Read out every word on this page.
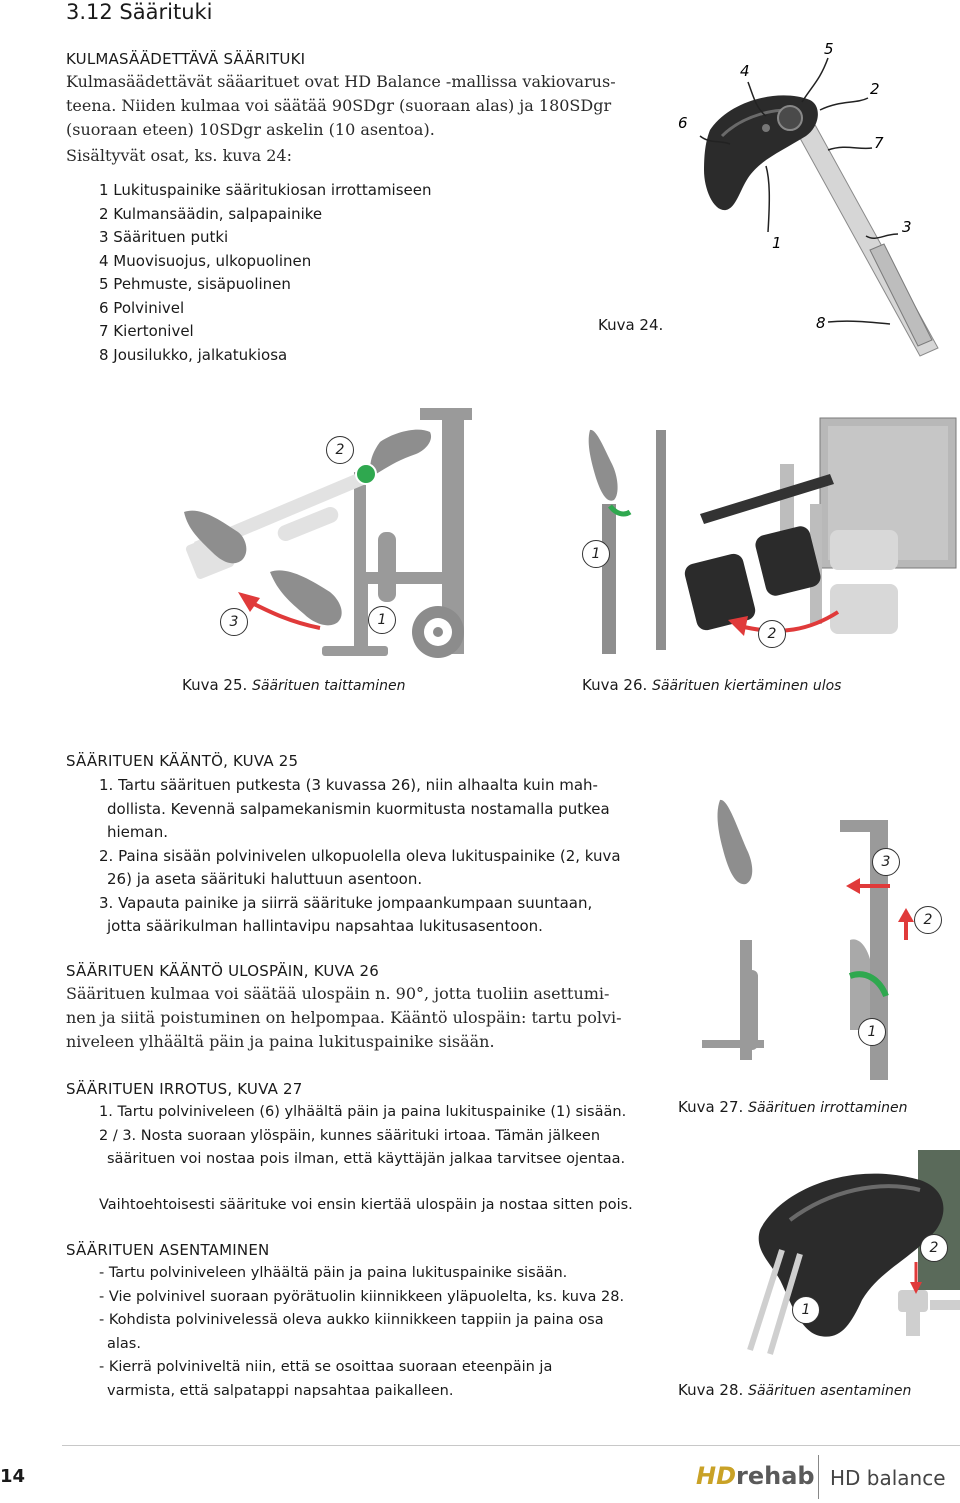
3.12 Säärituki
KULMASÄÄDETTÄVÄ SÄÄRITUKI
Kulmasäädettävät sääarituet ovat HD Balance -mallissa vakiovarus-
teena. Niiden kulmaa voi säätää 90SDgr (suoraan alas) ja 180SDgr
(suoraan eteen) 10SDgr askelin (10 asentoa).
Sisältyvät osat, ks. kuva 24:
1 Lukituspainike sääritukiosan irrottamiseen
2 Kulmansäädin, salpapainike
3 Säärituen putki
4 Muovisuojus, ulkopuolinen
5 Pehmuste, sisäpuolinen
6 Polvinivel
7 Kiertonivel
8 Jousilukko, jalkatukiosa
Kuva 24.
6
4
5
2
7
1
3
8
2
3	1
Kuva 25. Säärituen taittaminen
1
2
Kuva 26. Säärituen kiertäminen ulos
SÄÄRITUEN KÄÄNTÖ, KUVA 25
1. Tartu säärituen putkesta (3 kuvassa 26), niin alhaalta kuin mah-
dollista. Kevennä salpamekanismin kuormitusta nostamalla putkea
hieman.
2. Paina sisään polvinivelen ulkopuolella oleva lukituspainike (2, kuva
26) ja aseta säärituki haluttuun asentoon.
3. Vapauta painike ja siirrä säärituke jompaankumpaan suuntaan,
jotta säärikulman hallintavipu napsahtaa lukitusasentoon.
SÄÄRITUEN KÄÄNTÖ ULOSPÄIN, KUVA 26
Säärituen kulmaa voi säätää ulospäin n. 90°, jotta tuoliin asettumi-
nen ja siitä poistuminen on helpompaa. Kääntö ulospäin: tartu polvi-
niveleen ylhäältä päin ja paina lukituspainike sisään.
3
2
1
SÄÄRITUEN IRROTUS, KUVA 27
1. Tartu polviniveleen (6) ylhäältä päin ja paina lukituspainike (1) sisään.
2 / 3. Nosta suoraan ylöspäin, kunnes säärituki irtoaa. Tämän jälkeen
säärituen voi nostaa pois ilman, että käyttäjän jalkaa tarvitsee ojentaa.
Vaihtoehtoisesti säärituke voi ensin kiertää ulospäin ja nostaa sitten pois.
Kuva 27. Säärituen irrottaminen
SÄÄRITUEN ASENTAMINEN
- Tartu polviniveleen ylhäältä päin ja paina lukituspainike sisään.
- Vie polvinivel suoraan pyörätuolin kiinnikkeen yläpuolelta, ks. kuva 28.
- Kohdista polvinivelessä oleva aukko kiinnikkeen tappiin ja paina osa
alas.
- Kierrä polviniveltä niin, että se osoittaa suoraan eteenpäin ja
varmista, että salpatappi napsahtaa paikalleen.
2
1
Kuva 28. Säärituen asentaminen
14	HDrehab HD balance
